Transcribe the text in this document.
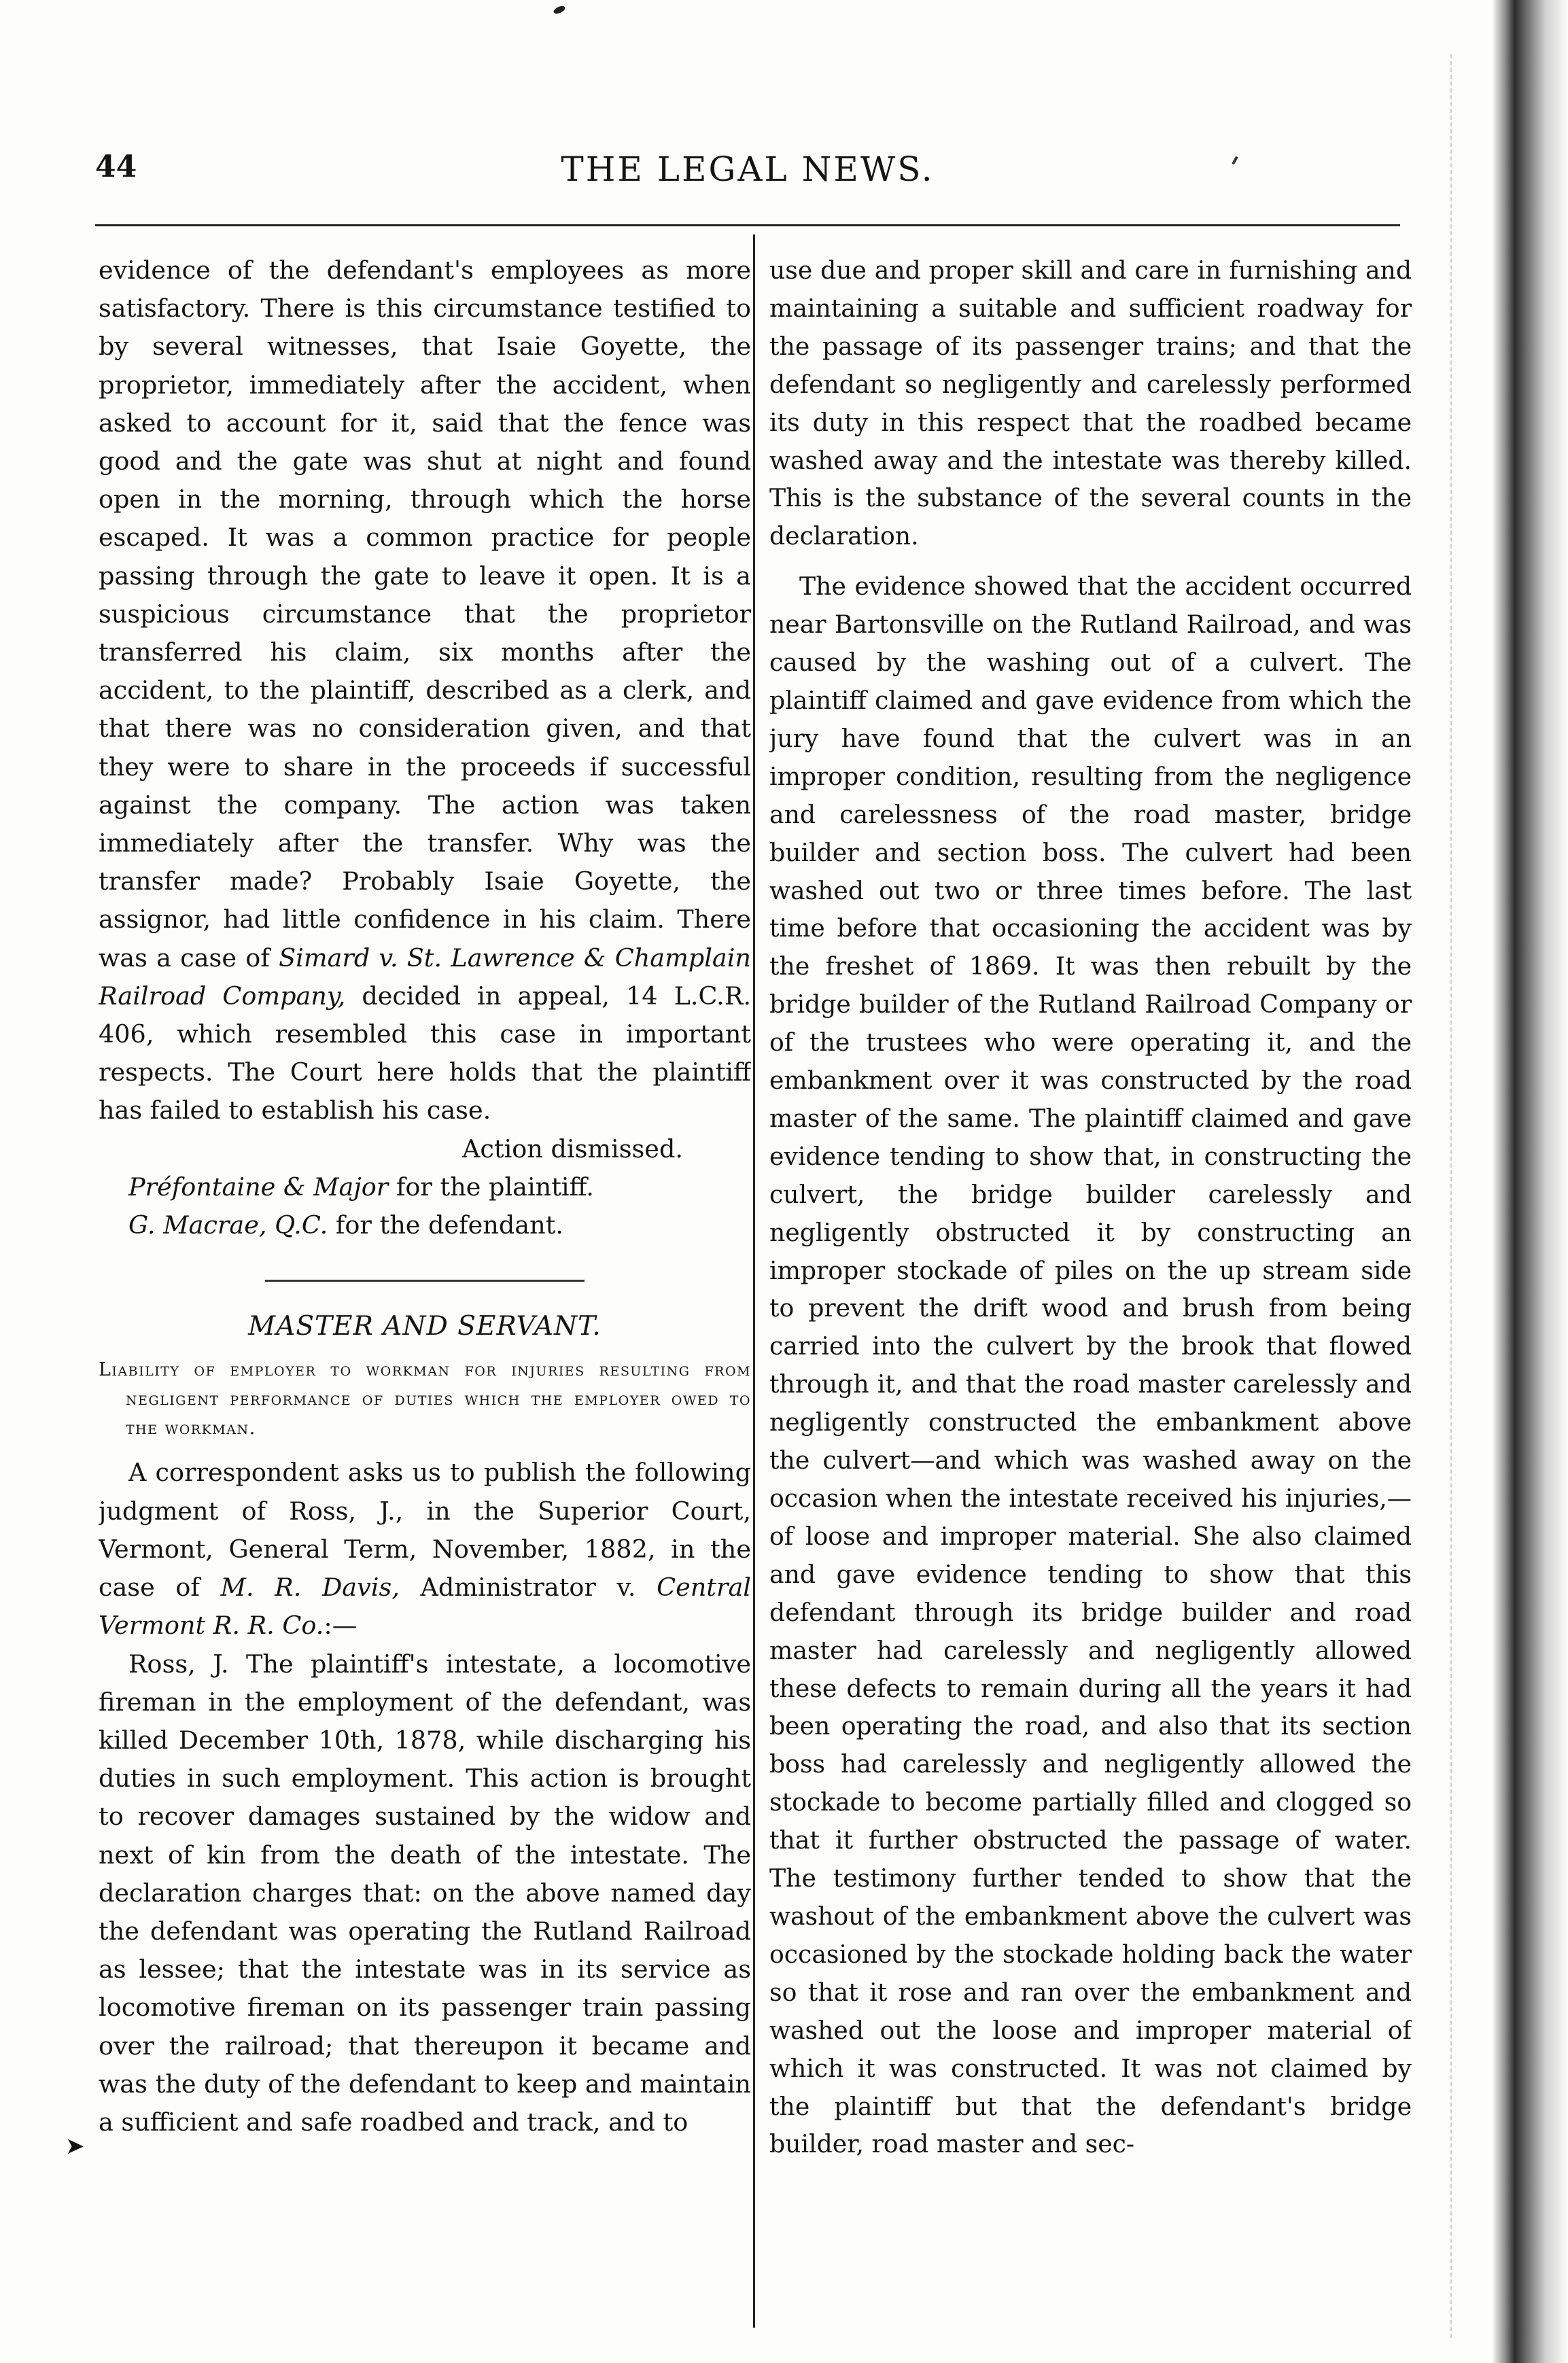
➤
44	THE LEGAL NEWS.

evidence of the defendant's employees as more satisfactory. There is this circumstance testified to by several witnesses, that Isaie Goyette, the proprietor, immediately after the accident, when asked to account for it, said that the fence was good and the gate was shut at night and found open in the morning, through which the horse escaped. It was a common practice for people passing through the gate to leave it open. It is a suspicious circumstance that the proprietor transferred his claim, six months after the accident, to the plaintiff, described as a clerk, and that there was no consideration given, and that they were to share in the proceeds if successful against the company. The action was taken immediately after the transfer. Why was the transfer made? Probably Isaie Goyette, the assignor, had little confidence in his claim. There was a case of Simard v. St. Lawrence & Champlain Railroad Company, decided in appeal, 14 L.C.R. 406, which resembled this case in important respects. The Court here holds that the plaintiff has failed to establish his case.

Action dismissed.

Préfontaine & Major for the plaintiff.

G. Macrae, Q.C. for the defendant.

MASTER AND SERVANT.

Liability of employer to workman for injuries resulting from negligent performance of duties which the employer owed to the workman.

A correspondent asks us to publish the following judgment of Ross, J., in the Superior Court, Vermont, General Term, November, 1882, in the case of M. R. Davis, Administrator v. Central Vermont R. R. Co.:—

Ross, J. The plaintiff's intestate, a locomotive fireman in the employment of the defendant, was killed December 10th, 1878, while discharging his duties in such employment. This action is brought to recover damages sustained by the widow and next of kin from the death of the intestate. The declaration charges that: on the above named day the defendant was operating the Rutland Railroad as lessee; that the intestate was in its service as locomotive fireman on its passenger train passing over the railroad; that thereupon it became and was the duty of the defendant to keep and maintain a sufficient and safe roadbed and track, and to

use due and proper skill and care in furnishing and maintaining a suitable and sufficient roadway for the passage of its passenger trains; and that the defendant so negligently and carelessly performed its duty in this respect that the roadbed became washed away and the intestate was thereby killed. This is the substance of the several counts in the declaration.

The evidence showed that the accident occurred near Bartonsville on the Rutland Railroad, and was caused by the washing out of a culvert. The plaintiff claimed and gave evidence from which the jury have found that the culvert was in an improper condition, resulting from the negligence and carelessness of the road master, bridge builder and section boss. The culvert had been washed out two or three times before. The last time before that occasioning the accident was by the freshet of 1869. It was then rebuilt by the bridge builder of the Rutland Railroad Company or of the trustees who were operating it, and the embankment over it was constructed by the road master of the same. The plaintiff claimed and gave evidence tending to show that, in constructing the culvert, the bridge builder carelessly and negligently obstructed it by constructing an improper stockade of piles on the up stream side to prevent the drift wood and brush from being carried into the culvert by the brook that flowed through it, and that the road master carelessly and negligently constructed the embankment above the culvert—and which was washed away on the occasion when the intestate received his injuries,—of loose and improper material. She also claimed and gave evidence tending to show that this defendant through its bridge builder and road master had carelessly and negligently allowed these defects to remain during all the years it had been operating the road, and also that its section boss had carelessly and negligently allowed the stockade to become partially filled and clogged so that it further obstructed the passage of water. The testimony further tended to show that the washout of the embankment above the culvert was occasioned by the stockade holding back the water so that it rose and ran over the embankment and washed out the loose and improper material of which it was constructed. It was not claimed by the plaintiff but that the defendant's bridge builder, road master and sec-
